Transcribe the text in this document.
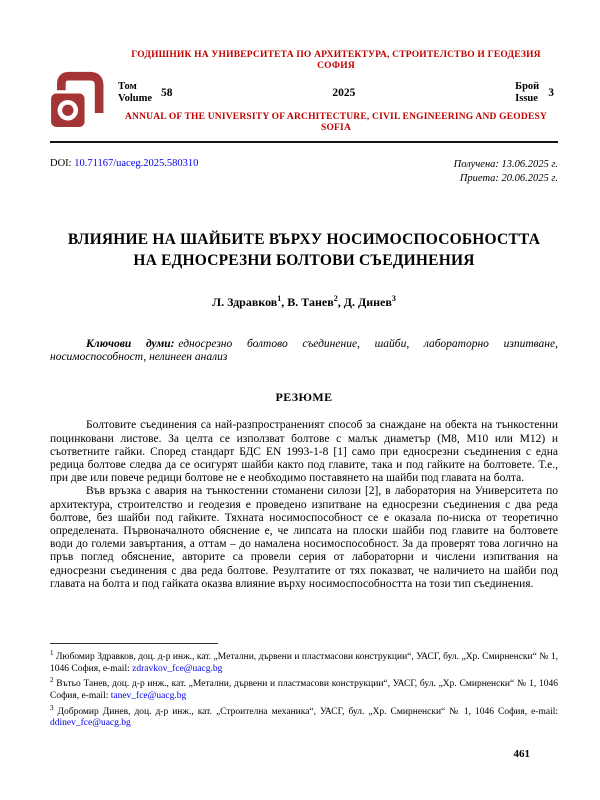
ГОДИШНИК НА УНИВЕРСИТЕТА ПО АРХИТЕКТУРА, СТРОИТЕЛСТВО И ГЕОДЕЗИЯ
СОФИЯ
Том
Volume 58	2025
Брой
Issue 3
ANNUAL OF THE UNIVERSITY OF ARCHITECTURE, CIVIL ENGINEERING AND GEODESY
SOFIA
DOI: 10.71167/uaceg.2025.580310	Получена: 13.06.2025 г.
Приета: 20.06.2025 г.
ВЛИЯНИЕ НА ШАЙБИТЕ ВЪРХУ НОСИМОСПОСОБНОСТТА
НА ЕДНОСРЕЗНИ БОЛТОВИ СЪЕДИНЕНИЯ

Л. Здравков$^1$, В. Танев$^2$, Д. Динев$^3$

Ключови думи: едносрезно болтово съединение, шайби, лабораторно изпитване, носимоспособност, нелинеен анализ

РЕЗЮМЕ

Болтовите съединения са най-разпространеният способ за снаждане на обекта на тънкостенни поцинковани листове. За целта се използват болтове с малък диаметър (М8, М10 или М12) и съответните гайки. Според стандарт БДС EN 1993-1-8 [1] само при едносрезни съединения с една редица болтове следва да се осигурят шайби както под главите, така и под гайките на болтовете. Т.е., при две или повече редици болтове не е необходимо поставянето на шайби под главата на болта.

Във връзка с авария на тънкостенни стоманени силози [2], в лаборатория на Университета по архитектура, строителство и геодезия е проведено изпитване на едносрезни съединения с два реда болтове, без шайби под гайките. Тяхната носимоспособност се е оказала по-ниска от теоретично определената. Първоначалното обяснение е, че липсата на плоски шайби под главите на болтовете води до големи завъртания, а оттам – до намалена носимоспособност. За да проверят това логично на пръв поглед обяснение, авторите са провели серия от лабораторни и числени изпитвания на едносрезни съединения с два реда болтове. Резултатите от тях показват, че наличието на шайби под главата на болта и под гайката оказва влияние върху носимоспособността на този тип съединения.

$^1$ Любомир Здравков, доц. д-р инж., кат. „Метални, дървени и пластмасови конструкции“, УАСГ, бул. „Хр. Смирненски“ № 1, 1046 София, e-mail: zdravkov_fce@uacg.bg

$^2$ Вътьо Танев, доц. д-р инж., кат. „Метални, дървени и пластмасови конструкции“, УАСГ, бул. „Хр. Смирненски“ № 1, 1046 София, e-mail: tanev_fce@uacg.bg

$^3$ Добромир Динев, доц. д-р инж., кат. „Строителна механика“, УАСГ, бул. „Хр. Смирненски“ № 1, 1046 София, e-mail: ddinev_fce@uacg.bg

461
